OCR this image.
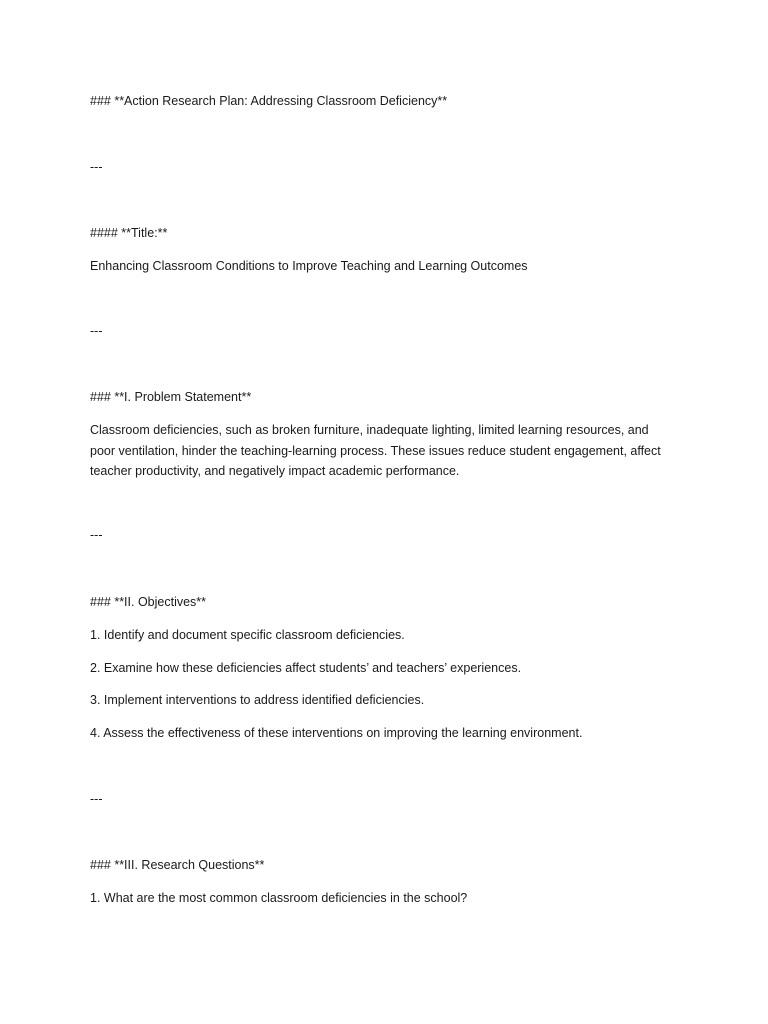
### **Action Research Plan: Addressing Classroom Deficiency**

---

#### **Title:**

Enhancing Classroom Conditions to Improve Teaching and Learning Outcomes

---

### **I. Problem Statement**

Classroom deficiencies, such as broken furniture, inadequate lighting, limited learning resources, and poor ventilation, hinder the teaching-learning process. These issues reduce student engagement, affect teacher productivity, and negatively impact academic performance.

---

### **II. Objectives**

1. Identify and document specific classroom deficiencies.

2. Examine how these deficiencies affect students’ and teachers’ experiences.

3. Implement interventions to address identified deficiencies.

4. Assess the effectiveness of these interventions on improving the learning environment.

---

### **III. Research Questions**

1. What are the most common classroom deficiencies in the school?
